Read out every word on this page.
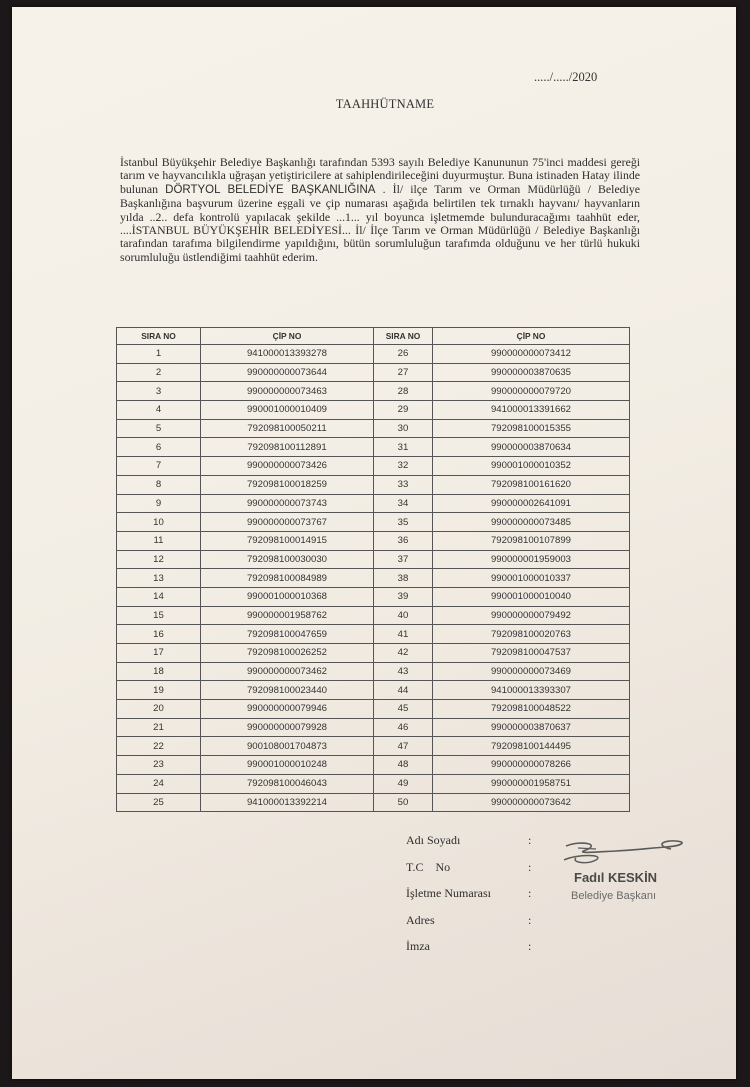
...../...../2020
TAAHHÜTNAME
İstanbul Büyükşehir Belediye Başkanlığı tarafından 5393 sayılı Belediye Kanununun 75'inci maddesi gereği tarım ve hayvancılıkla uğraşan yetiştiricilere at sahiplendirileceğini duyurmuştur. Buna istinaden Hatay ilinde bulunan DÖRTYOL BELEDİYE BAŞKANLIĞINA . İl/ ilçe Tarım ve Orman Müdürlüğü / Belediye Başkanlığına başvurum üzerine eşgali ve çip numarası aşağıda belirtilen tek tırnaklı hayvanı/ hayvanların yılda ..2.. defa kontrolü yapılacak şekilde ...1... yıl boyunca işletmemde bulunduracağımı taahhüt eder, ....İSTANBUL BÜYÜKŞEHİR BELEDİYESİ... İl/ İlçe Tarım ve Orman Müdürlüğü / Belediye Başkanlığı tarafından tarafıma bilgilendirme yapıldığını, bütün sorumluluğun tarafımda olduğunu ve her türlü hukuki sorumluluğu üstlendiğimi taahhüt ederim.
SIRA NO	ÇİP NO	SIRA NO	ÇİP NO
1	941000013393278	26	990000000073412
2	990000000073644	27	990000003870635
3	990000000073463	28	990000000079720
4	990001000010409	29	941000013391662
5	792098100050211	30	792098100015355
6	792098100112891	31	990000003870634
7	990000000073426	32	990001000010352
8	792098100018259	33	792098100161620
9	990000000073743	34	990000002641091
10	990000000073767	35	990000000073485
11	792098100014915	36	792098100107899
12	792098100030030	37	990000001959003
13	792098100084989	38	990001000010337
14	990001000010368	39	990001000010040
15	990000001958762	40	990000000079492
16	792098100047659	41	792098100020763
17	792098100026252	42	792098100047537
18	990000000073462	43	990000000073469
19	792098100023440	44	941000013393307
20	990000000079946	45	792098100048522
21	990000000079928	46	990000003870637
22	900108001704873	47	792098100144495
23	990001000010248	48	990000000078266
24	792098100046043	49	990000001958751
25	941000013392214	50	990000000073642
Adı Soyadı	:
T.C    No	:
İşletme Numarası	:
Adres	:
İmza	:
Fadıl KESKİN
Belediye Başkanı
